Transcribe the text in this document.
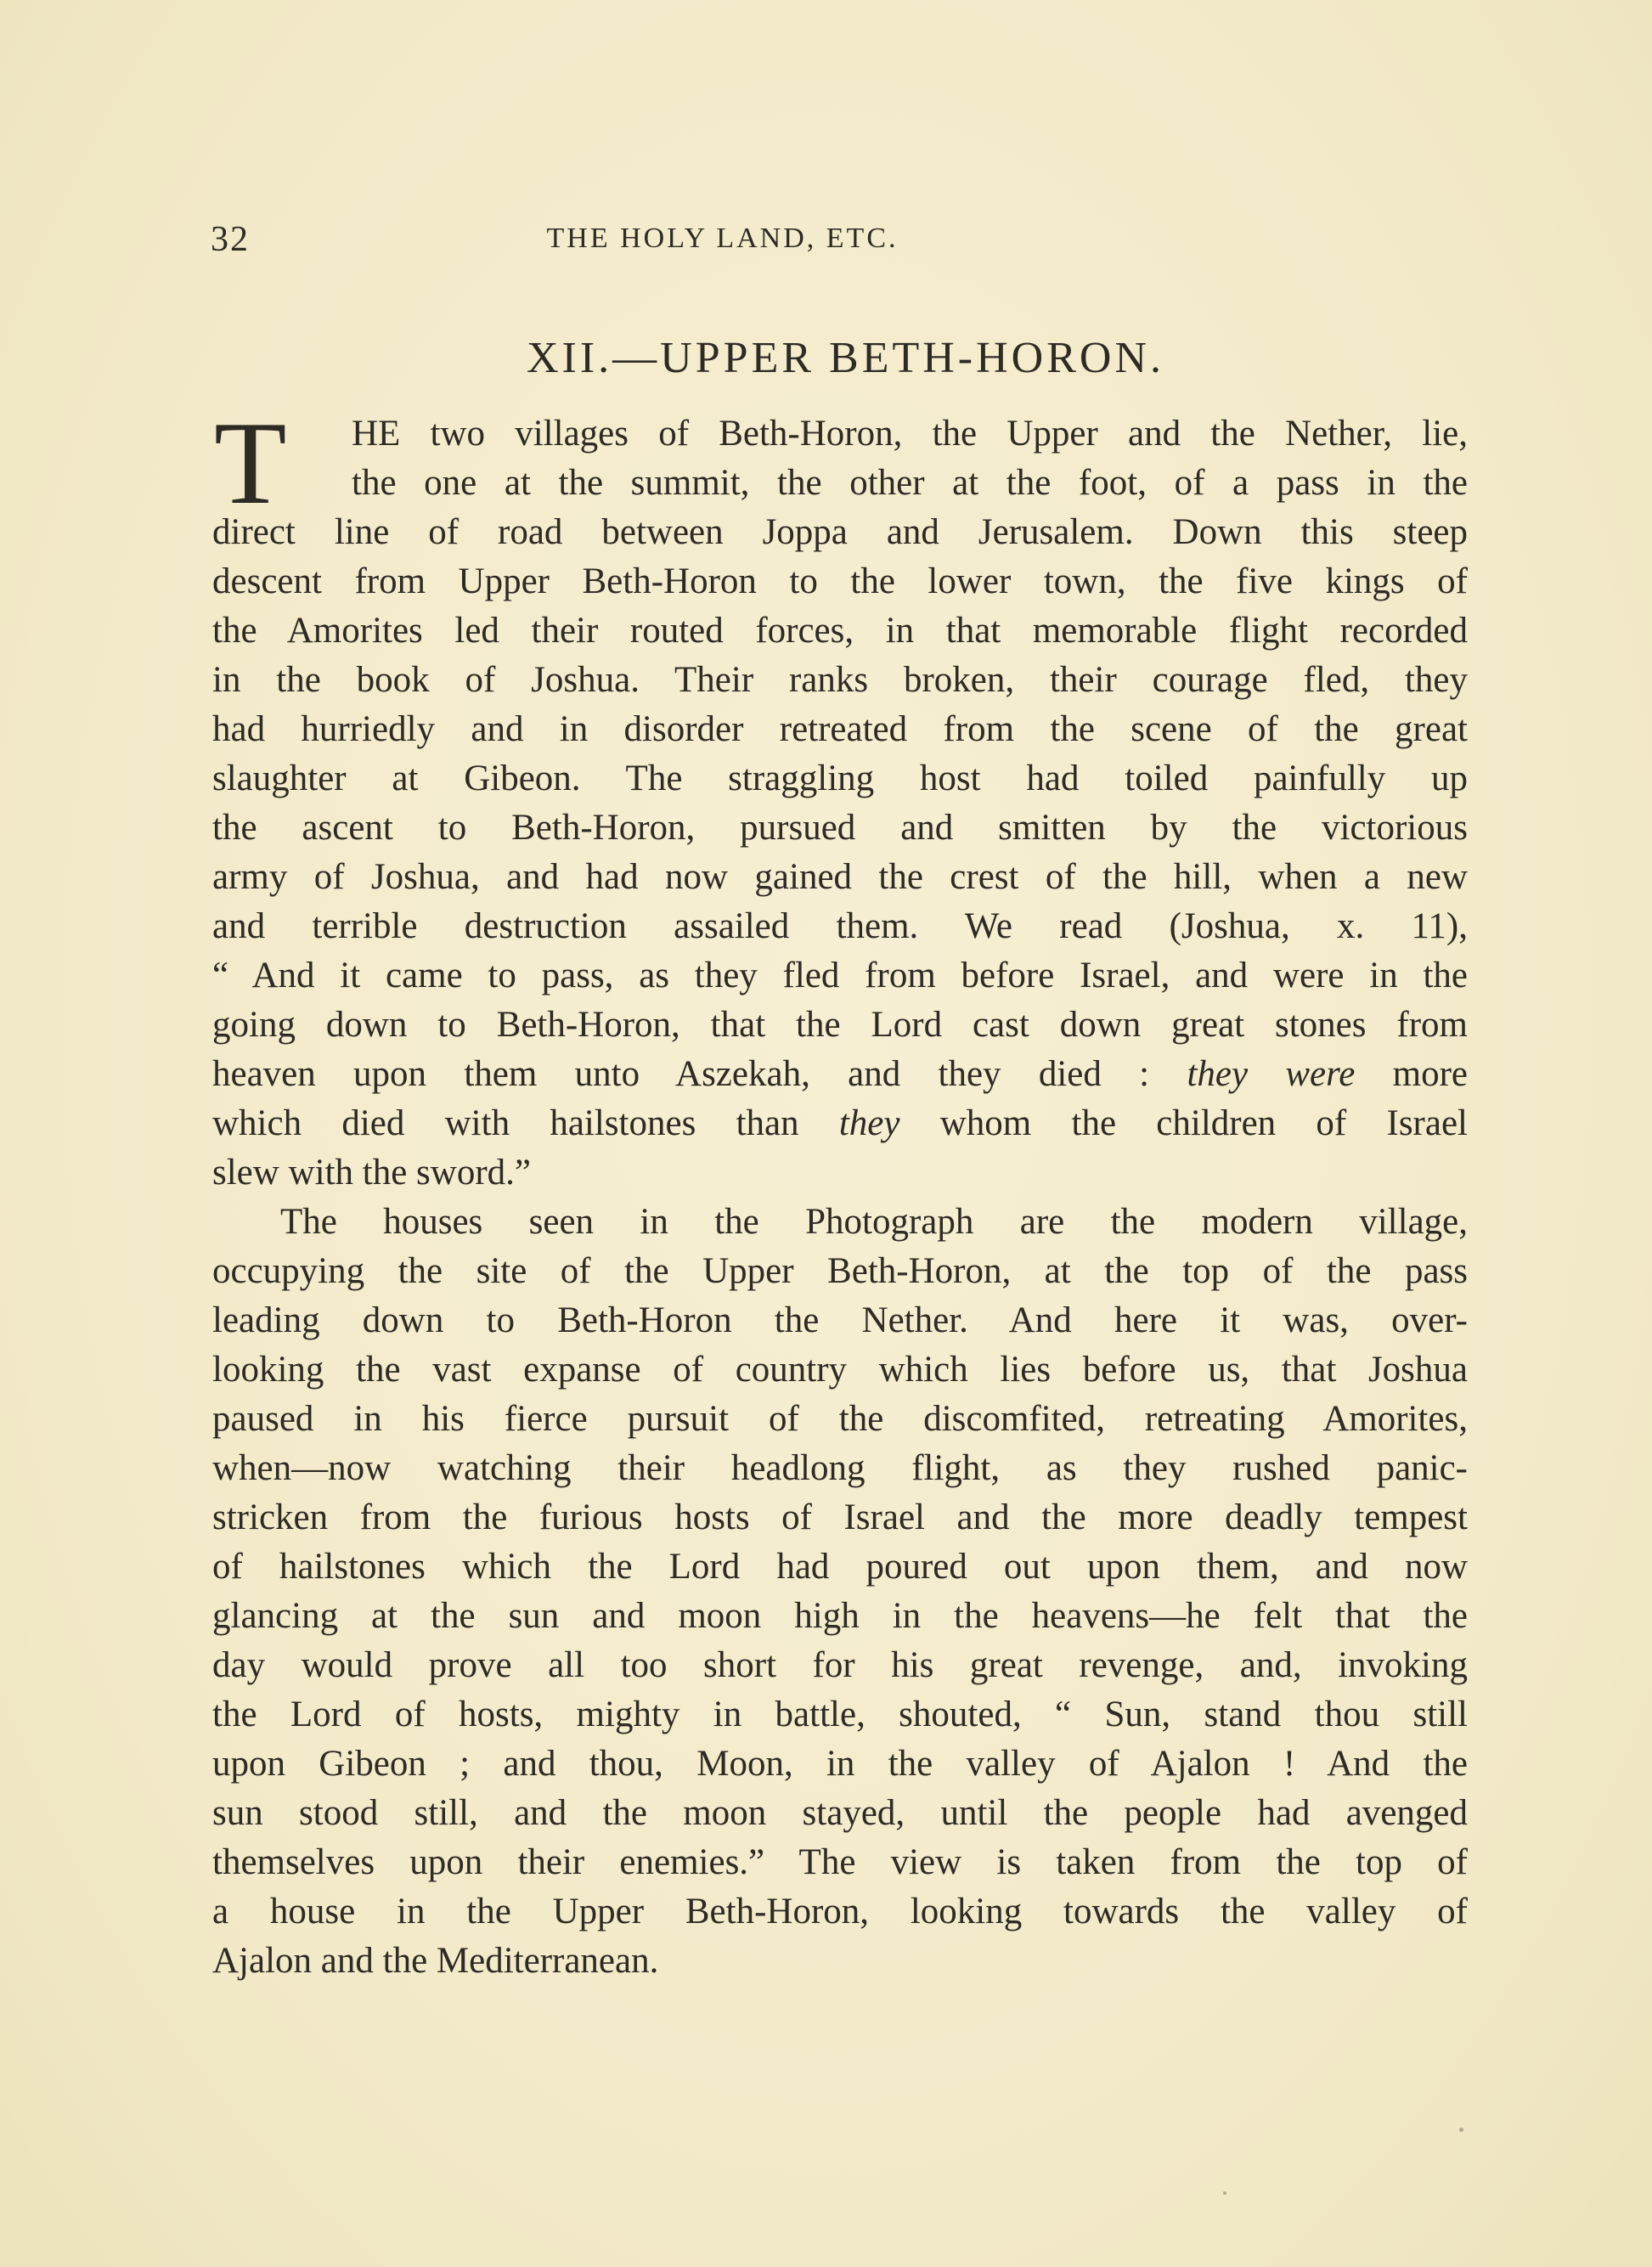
32	THE HOLY LAND, ETC.
XII.—UPPER BETH-HORON.
T	HE two villages of Beth-Horon, the Upper and the Nether, lie,
the one at the summit, the other at the foot, of a pass in the
direct line of road between Joppa and Jerusalem. Down this steep
descent from Upper Beth-Horon to the lower town, the five kings of
the Amorites led their routed forces, in that memorable flight recorded
in the book of Joshua. Their ranks broken, their courage fled, they
had hurriedly and in disorder retreated from the scene of the great
slaughter at Gibeon. The straggling host had toiled painfully up
the ascent to Beth-Horon, pursued and smitten by the victorious
army of Joshua, and had now gained the crest of the hill, when a new
and terrible destruction assailed them. We read (Joshua, x. 11),
“ And it came to pass, as they fled from before Israel, and were in the
going down to Beth-Horon, that the Lord cast down great stones from
heaven upon them unto Aszekah, and they died : they were more
which died with hailstones than they whom the children of Israel
slew with the sword.”
The houses seen in the Photograph are the modern village,
occupying the site of the Upper Beth-Horon, at the top of the pass
leading down to Beth-Horon the Nether. And here it was, over-
looking the vast expanse of country which lies before us, that Joshua
paused in his fierce pursuit of the discomfited, retreating Amorites,
when—now watching their headlong flight, as they rushed panic-
stricken from the furious hosts of Israel and the more deadly tempest
of hailstones which the Lord had poured out upon them, and now
glancing at the sun and moon high in the heavens—he felt that the
day would prove all too short for his great revenge, and, invoking
the Lord of hosts, mighty in battle, shouted, “ Sun, stand thou still
upon Gibeon ; and thou, Moon, in the valley of Ajalon ! And the
sun stood still, and the moon stayed, until the people had avenged
themselves upon their enemies.” The view is taken from the top of
a house in the Upper Beth-Horon, looking towards the valley of
Ajalon and the Mediterranean.
